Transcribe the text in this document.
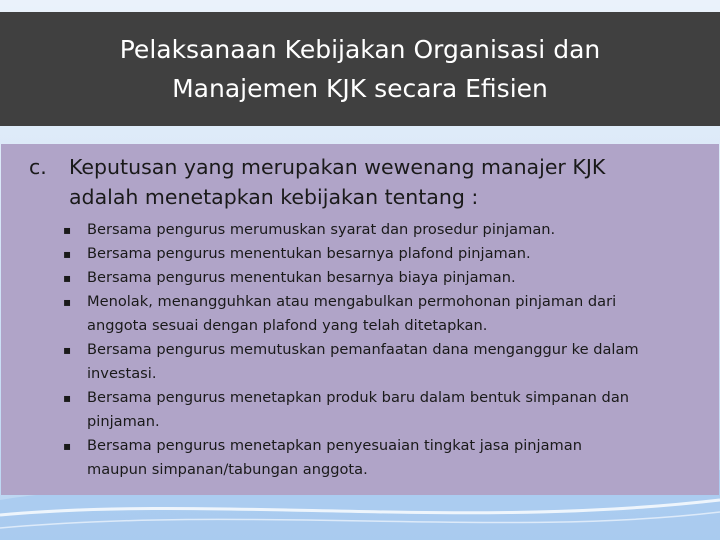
Pelaksanaan Kebijakan Organisasi dan
Manajemen KJK secara Efisien
c.	Keputusan yang merupakan wewenang manajer KJK
adalah menetapkan kebijakan tentang :
▪ Bersama pengurus merumuskan syarat dan prosedur pinjaman.
▪ Bersama pengurus menentukan besarnya plafond pinjaman.
▪ Bersama pengurus menentukan besarnya biaya pinjaman.
▪ Menolak, menangguhkan atau mengabulkan permohonan pinjaman dari
anggota sesuai dengan plafond yang telah ditetapkan.
▪ Bersama pengurus memutuskan pemanfaatan dana menganggur ke dalam
investasi.
▪ Bersama pengurus menetapkan produk baru dalam bentuk simpanan dan
pinjaman.
▪ Bersama pengurus menetapkan penyesuaian tingkat jasa pinjaman
maupun simpanan/tabungan anggota.
